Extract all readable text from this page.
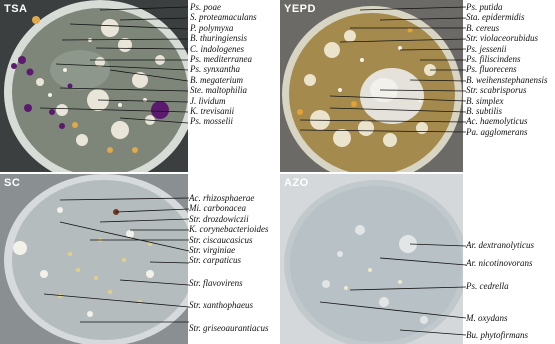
TSA	YEPD
SC	AZO
Ps. poae
S. proteamaculans
P. polymyxa
B. thuringiensis
C. indologenes
Ps. mediterranea
Ps. synxantha
B. megaterium
Ste. maltophilia
J. lividum
K. trevisanii
Ps. mosselii
Ps. putida
Sta. epidermidis
B. cereus
Str. violaceorubidus
Ps. jessenii
Ps. filiscindens
Ps. fluorecens
B. weihenstephanensis
Str. scabrisporus
B. simplex
B. subtilis
Ac. haemolyticus
Pa. agglomerans
Ac. rhizosphaerae
Mi. carbonacea
Str. drozdowiczii
K. corynebacterioides
Str. ciscaucasicus
Str. virginiae
Str. carpaticus
Str. flavovirens
Str. xanthophaeus
Str. griseoaurantiacus
Ar. dextranolyticus
Ar. nicotinovorans
Ps. cedrella
M. oxydans
Bu. phytofirmans
